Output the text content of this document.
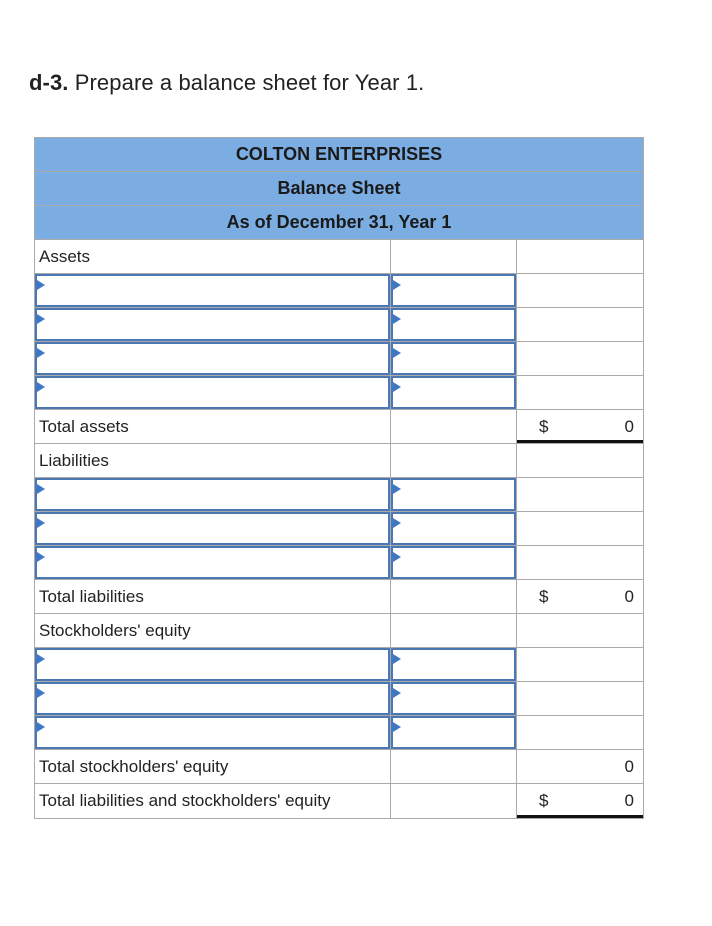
d-3. Prepare a balance sheet for Year 1.
COLTON ENTERPRISES
Balance Sheet
As of December 31, Year 1
Assets
Total assets	$	0
Liabilities
Total liabilities	$	0
Stockholders' equity
Total stockholders' equity	0
Total liabilities and stockholders' equity	$	0
